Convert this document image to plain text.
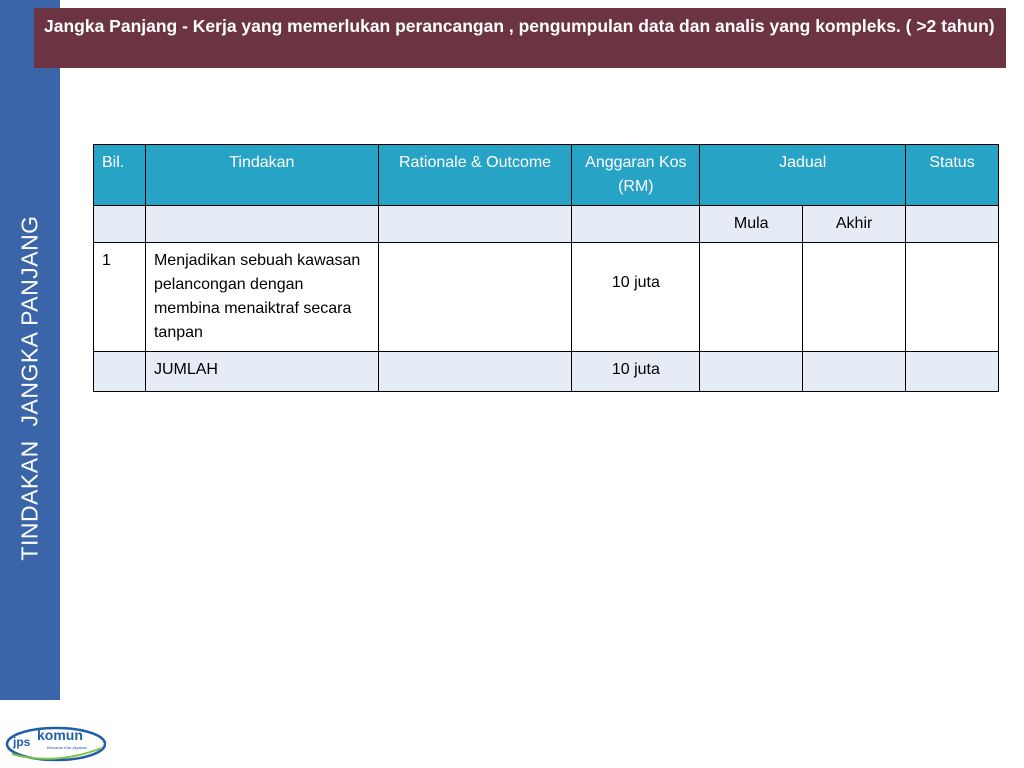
TINDAKAN  JANGKA PANJANG
Jangka Panjang - Kerja yang memerlukan perancangan , pengumpulan data dan analis yang kompleks. ( >2 tahun)
Bil.	Tindakan	Rationale & Outcome	Anggaran Kos (RM)	Jadual		Status
				Mula	Akhir	
1	Menjadikan sebuah kawasan pelancongan dengan membina menaiktraf secara tanpan		10 juta			
	JUMLAH		10 juta			
jps komun
Bersama Kita Jayakan
